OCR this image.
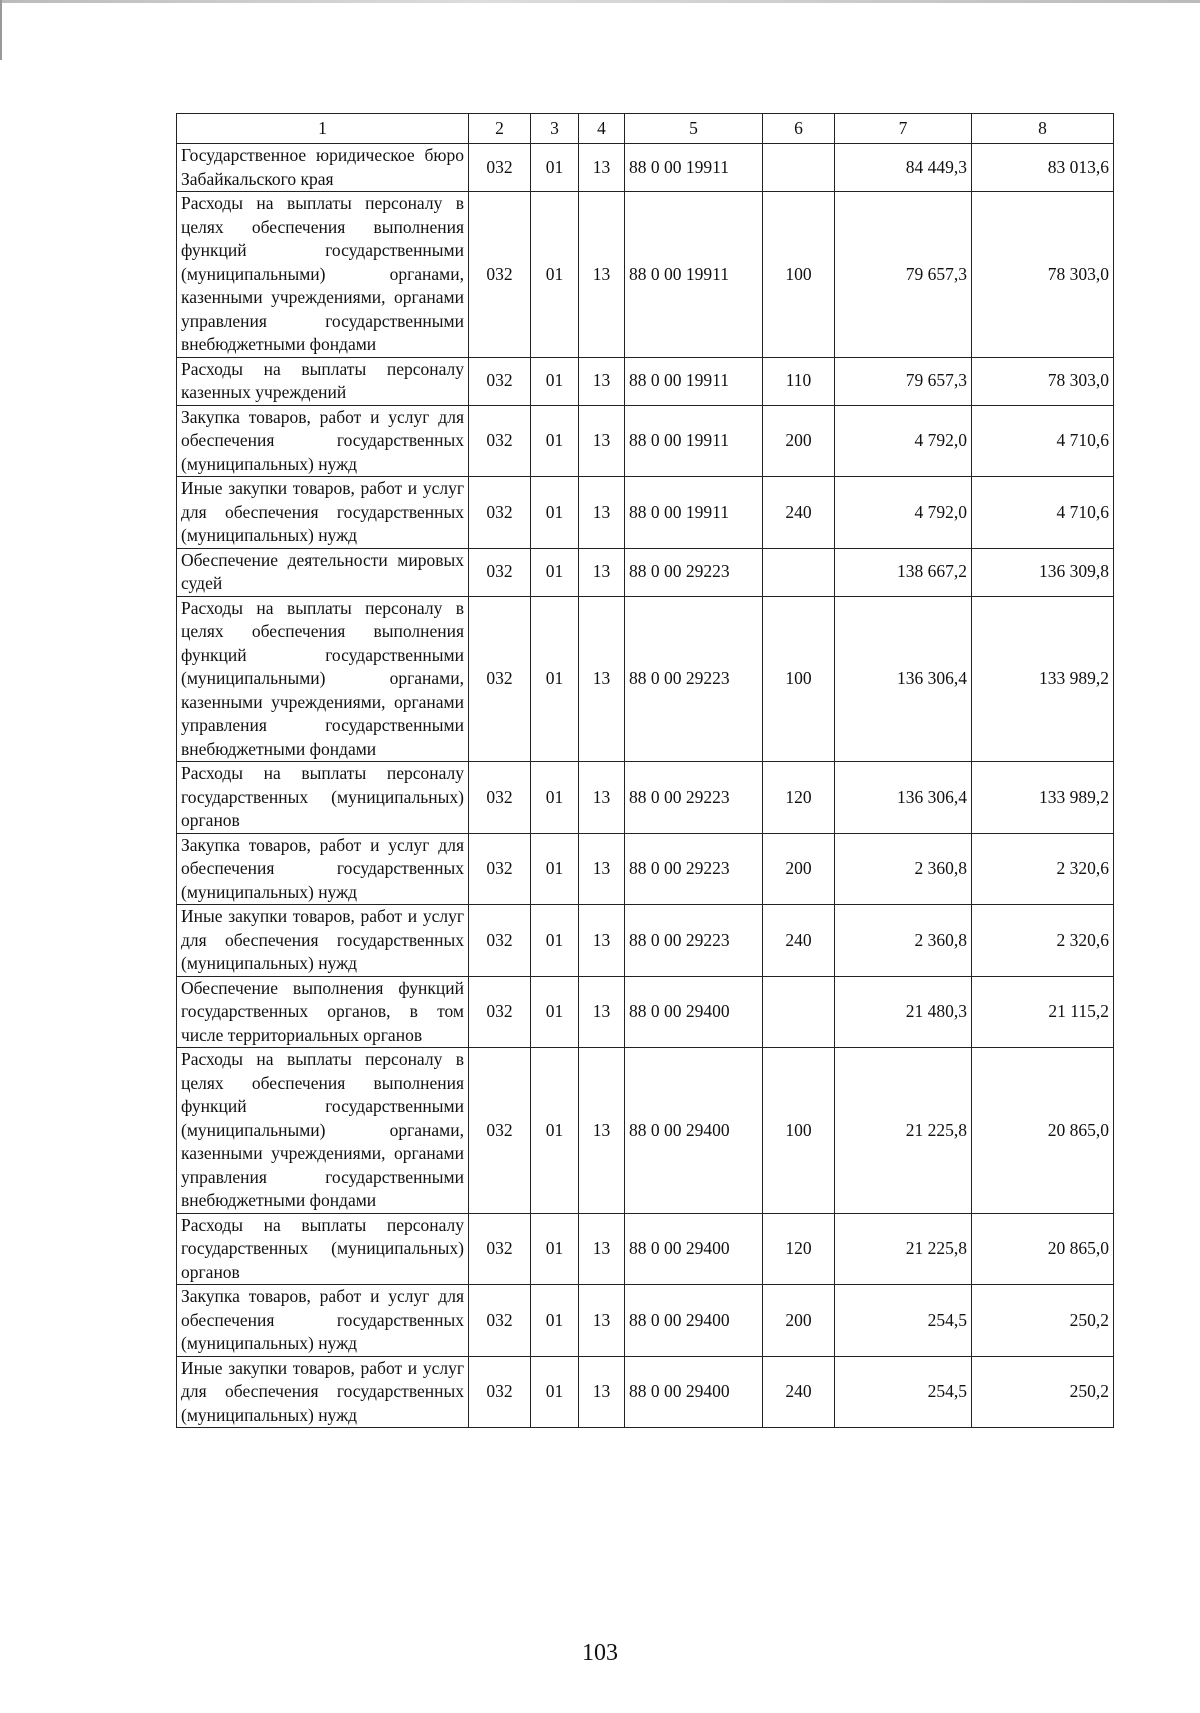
1	2	3	4	5	6	7	8
Государственное юридическое бюро Забайкальского края	032	01	13	88 0 00 19911		84 449,3	83 013,6
Расходы на выплаты персоналу в целях обеспечения выполнения функций государственными (муниципальными) органами, казенными учреждениями, органами управления государственными внебюджетными фондами	032	01	13	88 0 00 19911	100	79 657,3	78 303,0
Расходы на выплаты персоналу казенных учреждений	032	01	13	88 0 00 19911	110	79 657,3	78 303,0
Закупка товаров, работ и услуг для обеспечения государственных (муниципальных) нужд	032	01	13	88 0 00 19911	200	4 792,0	4 710,6
Иные закупки товаров, работ и услуг для обеспечения государственных (муниципальных) нужд	032	01	13	88 0 00 19911	240	4 792,0	4 710,6
Обеспечение деятельности мировых судей	032	01	13	88 0 00 29223		138 667,2	136 309,8
Расходы на выплаты персоналу в целях обеспечения выполнения функций государственными (муниципальными) органами, казенными учреждениями, органами управления государственными внебюджетными фондами	032	01	13	88 0 00 29223	100	136 306,4	133 989,2
Расходы на выплаты персоналу государственных (муниципальных) органов	032	01	13	88 0 00 29223	120	136 306,4	133 989,2
Закупка товаров, работ и услуг для обеспечения государственных (муниципальных) нужд	032	01	13	88 0 00 29223	200	2 360,8	2 320,6
Иные закупки товаров, работ и услуг для обеспечения государственных (муниципальных) нужд	032	01	13	88 0 00 29223	240	2 360,8	2 320,6
Обеспечение выполнения функций государственных органов, в том числе территориальных органов	032	01	13	88 0 00 29400		21 480,3	21 115,2
Расходы на выплаты персоналу в целях обеспечения выполнения функций государственными (муниципальными) органами, казенными учреждениями, органами управления государственными внебюджетными фондами	032	01	13	88 0 00 29400	100	21 225,8	20 865,0
Расходы на выплаты персоналу государственных (муниципальных) органов	032	01	13	88 0 00 29400	120	21 225,8	20 865,0
Закупка товаров, работ и услуг для обеспечения государственных (муниципальных) нужд	032	01	13	88 0 00 29400	200	254,5	250,2
Иные закупки товаров, работ и услуг для обеспечения государственных (муниципальных) нужд	032	01	13	88 0 00 29400	240	254,5	250,2
103
